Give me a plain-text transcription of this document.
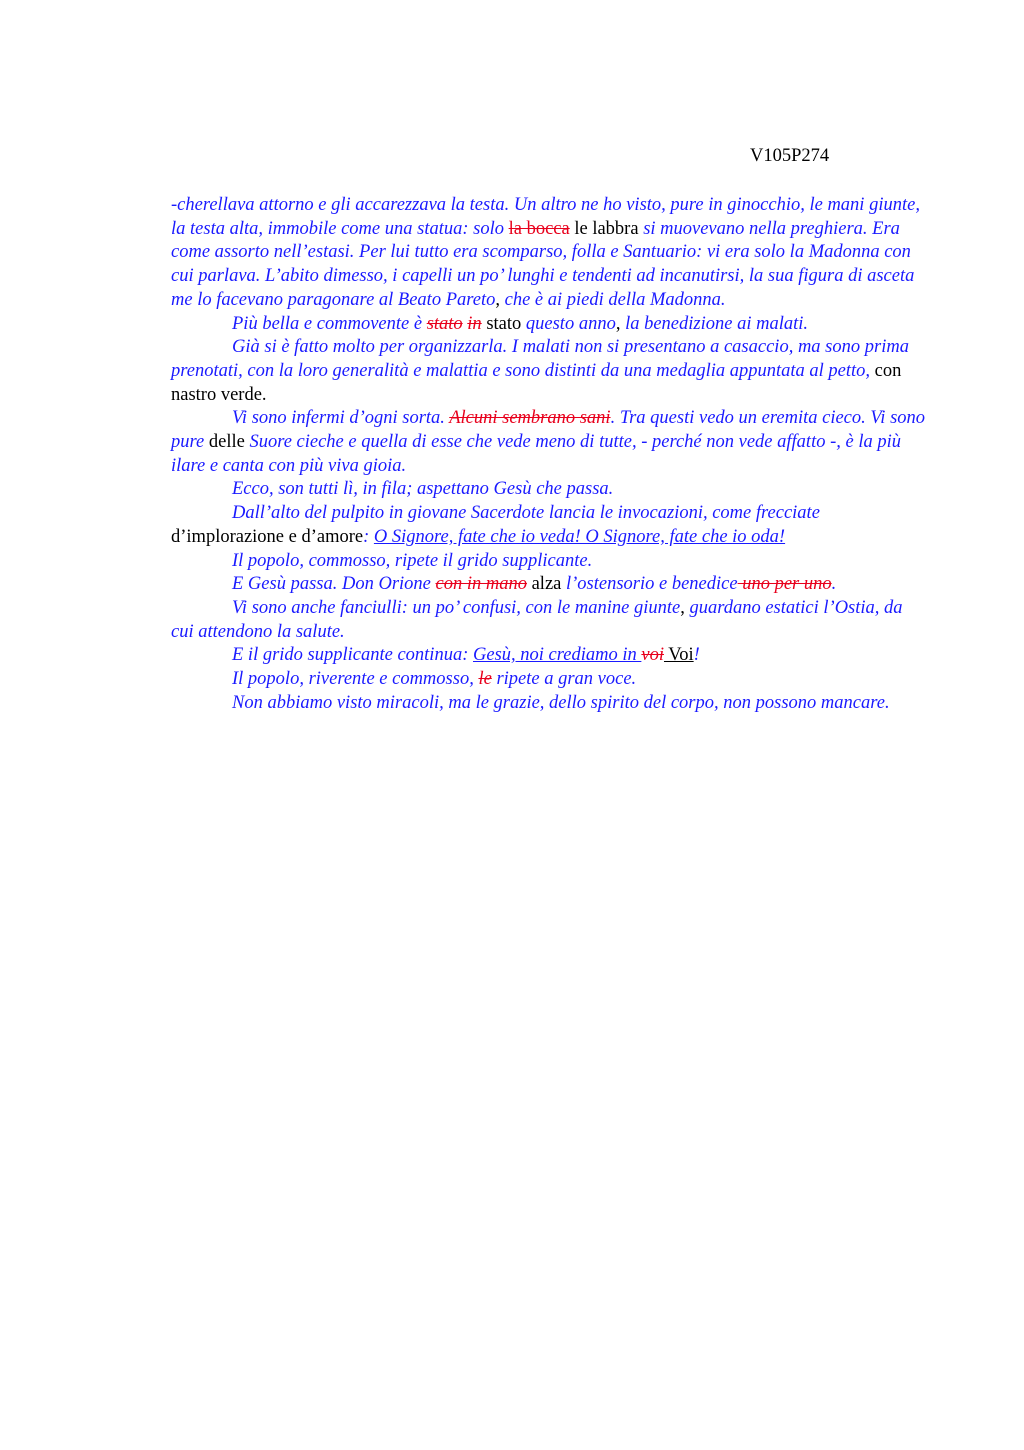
V105P274

-cherellava attorno e gli accarezzava la testa. Un altro ne ho visto, pure in ginocchio, le mani giunte, la testa alta, immobile come una statua: solo la bocca le labbra si muovevano nella preghiera. Era come assorto nell’estasi. Per lui tutto era scomparso, folla e Santuario: vi era solo la Madonna con cui parlava. L’abito dimesso, i capelli un po’ lunghi e tendenti ad incanutirsi, la sua figura di asceta me lo facevano paragonare al Beato Pareto, che è ai piedi della Madonna.

Più bella e commovente è stato in stato questo anno, la benedizione ai malati.

Già si è fatto molto per organizzarla. I malati non si presentano a casaccio, ma sono prima prenotati, con la loro generalità e malattia e sono distinti da una medaglia appuntata al petto, con nastro verde.

Vi sono infermi d’ogni sorta. Alcuni sembrano sani. Tra questi vedo un eremita cieco. Vi sono pure delle Suore cieche e quella di esse che vede meno di tutte, - perché non vede affatto -, è la più ilare e canta con più viva gioia.

Ecco, son tutti lì, in fila; aspettano Gesù che passa.

Dall’alto del pulpito in giovane Sacerdote lancia le invocazioni, come frecciate d’implorazione e d’amore: O Signore, fate che io veda! O Signore, fate che io oda!

Il popolo, commosso, ripete il grido supplicante.

E Gesù passa. Don Orione con in mano alza l’ostensorio e benedice uno per uno.

Vi sono anche fanciulli: un po’ confusi, con le manine giunte, guardano estatici l’Ostia, da cui attendono la salute.

E il grido supplicante continua: Gesù, noi crediamo in voi Voi!

Il popolo, riverente e commosso, le ripete a gran voce.

Non abbiamo visto miracoli, ma le grazie, dello spirito del corpo, non possono mancare.
